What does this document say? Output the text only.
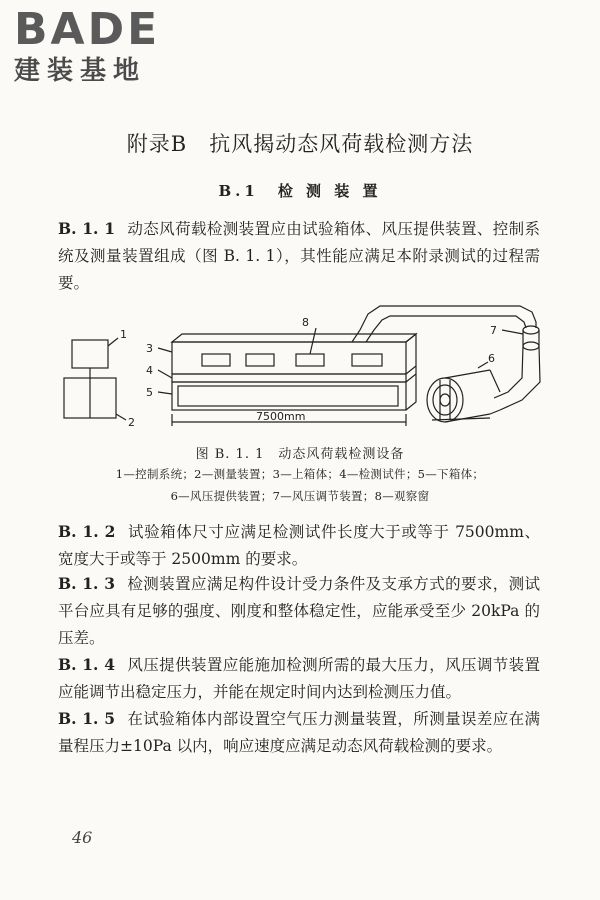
BADE
建装基地
附录B　抗风揭动态风荷载检测方法
B.1　检 测 装 置
B. 1. 1 动态风荷载检测装置应由试验箱体、风压提供装置、控制系统及测量装置组成（图 B. 1. 1），其性能应满足本附录测试的过程需要。
1
2
3
4
5
7500mm
7
6
8
图 B. 1. 1　动态风荷载检测设备
1—控制系统；2—测量装置；3—上箱体；4—检测试件；5—下箱体；
6—风压提供装置；7—风压调节装置；8—观察窗
B. 1. 2 试验箱体尺寸应满足检测试件长度大于或等于 7500mm、宽度大于或等于 2500mm 的要求。
B. 1. 3 检测装置应满足构件设计受力条件及支承方式的要求，测试平台应具有足够的强度、刚度和整体稳定性，应能承受至少 20kPa 的压差。
B. 1. 4 风压提供装置应能施加检测所需的最大压力，风压调节装置应能调节出稳定压力，并能在规定时间内达到检测压力值。
B. 1. 5 在试验箱体内部设置空气压力测量装置，所测量误差应在满量程压力±10Pa 以内，响应速度应满足动态风荷载检测的要求。
46
